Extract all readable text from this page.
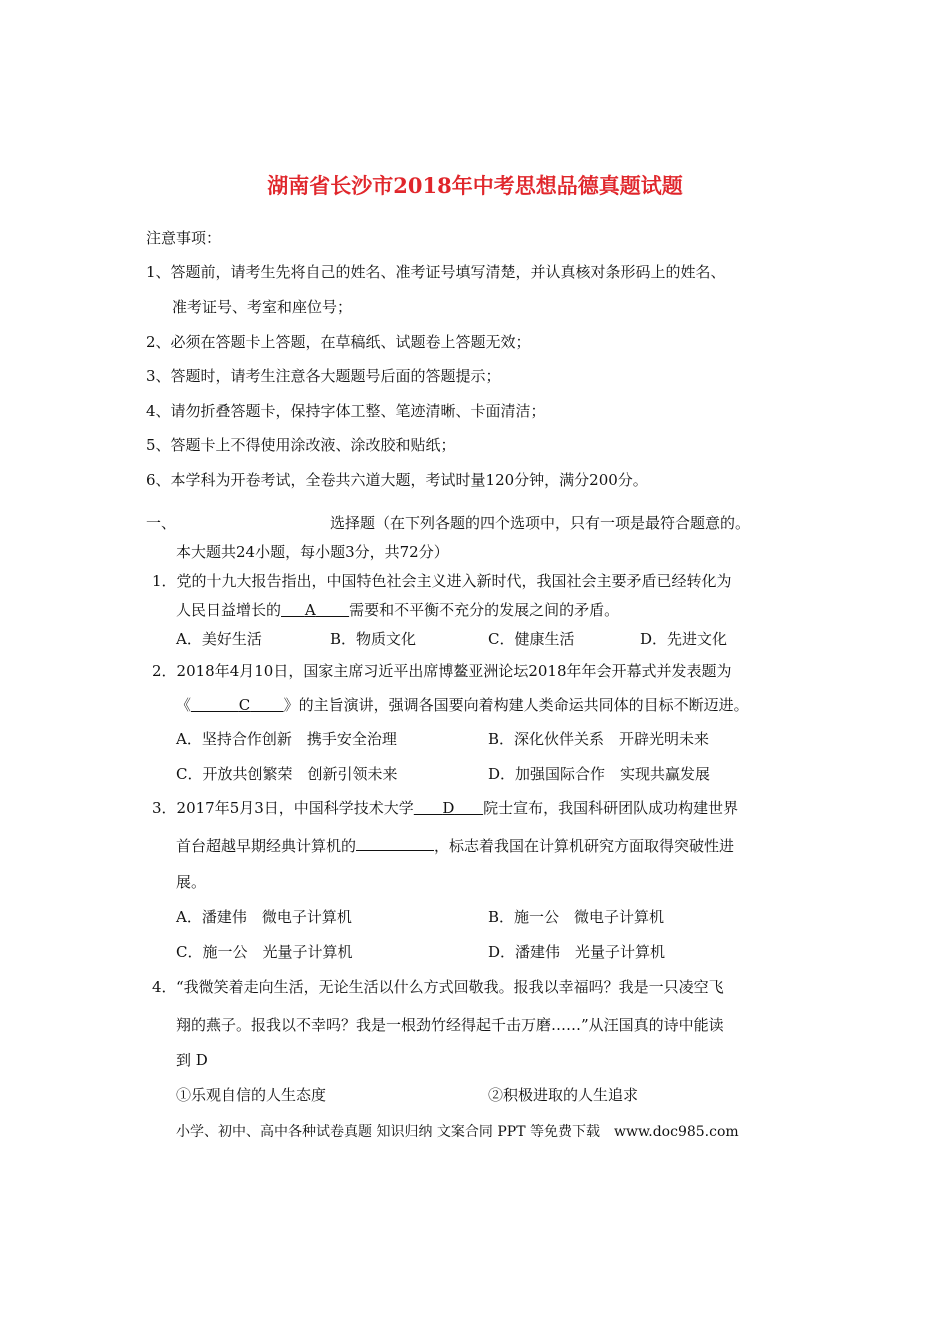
湖南省长沙市2018年中考思想品德真题试题
注意事项：
1、答题前，请考生先将自己的姓名、准考证号填写清楚，并认真核对条形码上的姓名、
准考证号、考室和座位号；
2、必须在答题卡上答题，在草稿纸、试题卷上答题无效；
3、答题时，请考生注意各大题题号后面的答题提示；
4、请勿折叠答题卡，保持字体工整、笔迹清晰、卡面清洁；
5、答题卡上不得使用涂改液、涂改胶和贴纸；
6、本学科为开卷考试，全卷共六道大题，考试时量120分钟，满分200分。
一、	选择题（在下列各题的四个选项中，只有一项是最符合题意的。
本大题共24小题，每小题3分，共72分）
1．党的十九大报告指出，中国特色社会主义进入新时代，我国社会主要矛盾已经转化为
人民日益增长的 A 需要和不平衡不充分的发展之间的矛盾。
A．美好生活	B．物质文化	C．健康生活	D．先进文化
2．2018年4月10日，国家主席习近平出席博鳌亚洲论坛2018年年会开幕式并发表题为
《	C 》的主旨演讲，强调各国要向着构建人类命运共同体的目标不断迈进。
A．坚持合作创新　携手安全治理	B．深化伙伴关系　开辟光明未来
C．开放共创繁荣　创新引领未来	D．加强国际合作　实现共赢发展
3．2017年5月3日，中国科学技术大学 D 院士宣布，我国科研团队成功构建世界
首台超越早期经典计算机的	，标志着我国在计算机研究方面取得突破性进
展。
A．潘建伟　微电子计算机	B．施一公　微电子计算机
C．施一公　光量子计算机	D．潘建伟　光量子计算机
4． “我微笑着走向生活，无论生活以什么方式回敬我。报我以幸福吗？我是一只凌空飞
翔的燕子。报我以不幸吗？我是一根劲竹经得起千击万磨……”从汪国真的诗中能读
到 D
①乐观自信的人生态度	②积极进取的人生追求
小学、初中、高中各种试卷真题 知识归纳 文案合同 PPT 等免费下载　www.doc985.com
